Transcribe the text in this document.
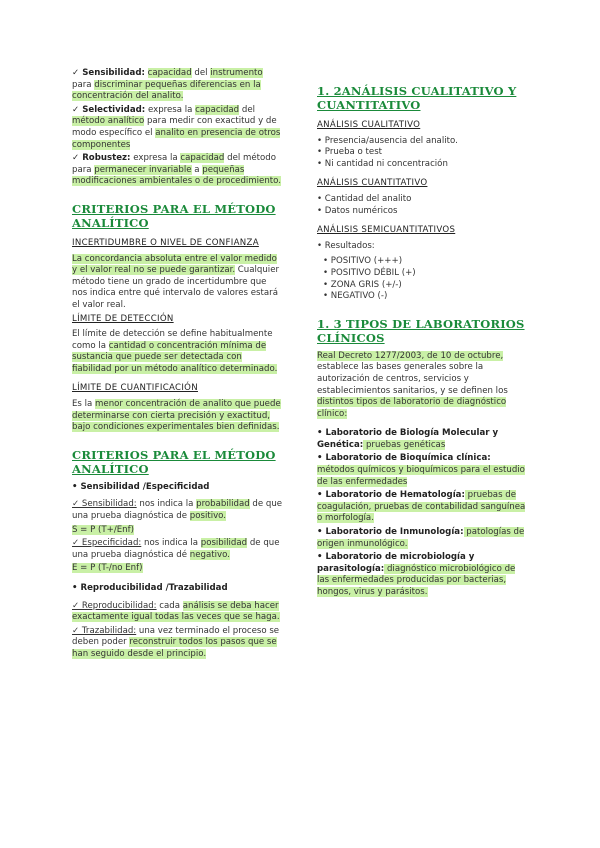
✓ Sensibilidad: capacidad del instrumento para discriminar pequeñas diferencias en la concentración del analito.
✓ Selectividad: expresa la capacidad del método analítico para medir con exactitud y de modo específico el analito en presencia de otros componentes
✓ Robustez: expresa la capacidad del método para permanecer invariable a pequeñas modificaciones ambientales o de procedimiento.
CRITERIOS PARA EL MÉTODO ANALÍTICO
INCERTIDUMBRE O NIVEL DE CONFIANZA
La concordancia absoluta entre el valor medido y el valor real no se puede garantizar. Cualquier método tiene un grado de incertidumbre que nos indica entre qué intervalo de valores estará el valor real.
LÍMITE DE DETECCIÓN
El límite de detección se define habitualmente como la cantidad o concentración mínima de sustancia que puede ser detectada con fiabilidad por un método analítico determinado.
LÍMITE DE CUANTIFICACIÓN
Es la menor concentración de analito que puede determinarse con cierta precisión y exactitud, bajo condiciones experimentales bien definidas.
CRITERIOS PARA EL MÉTODO ANALÍTICO
• Sensibilidad /Especificidad
✓ Sensibilidad: nos indica la probabilidad de que una prueba diagnóstica de positivo.
S = P (T+/Enf)
✓ Especificidad: nos indica la posibilidad de que una prueba diagnóstica dé negativo.
E = P (T-/no Enf)
• Reproducibilidad /Trazabilidad
✓ Reproducibilidad: cada análisis se deba hacer exactamente igual todas las veces que se haga.
✓ Trazabilidad: una vez terminado el proceso se deben poder reconstruir todos los pasos que se han seguido desde el principio.
1. 2ANÁLISIS CUALITATIVO Y CUANTITATIVO
ANÁLISIS CUALITATIVO
• Presencia/ausencia del analito.
• Prueba o test
• Ni cantidad ni concentración
ANÁLISIS CUANTITATIVO
• Cantidad del analito
• Datos numéricos
ANÁLISIS SEMICUANTITATIVOS
• Resultados:
• POSITIVO (+++)
• POSITIVO DÉBIL (+)
• ZONA GRIS (+/-)
• NEGATIVO (-)
1. 3 TIPOS DE LABORATORIOS CLÍNICOS
Real Decreto 1277/2003, de 10 de octubre, establece las bases generales sobre la autorización de centros, servicios y establecimientos sanitarios, y se definen los distintos tipos de laboratorio de diagnóstico clínico:
• Laboratorio de Biología Molecular y Genética: pruebas genéticas
• Laboratorio de Bioquímica clínica: métodos químicos y bioquímicos para el estudio de las enfermedades
• Laboratorio de Hematología: pruebas de coagulación, pruebas de contabilidad sanguínea o morfología.
• Laboratorio de Inmunología: patologías de origen inmunológico.
• Laboratorio de microbiología y parasitología: diagnóstico microbiológico de las enfermedades producidas por bacterias, hongos, virus y parásitos.
